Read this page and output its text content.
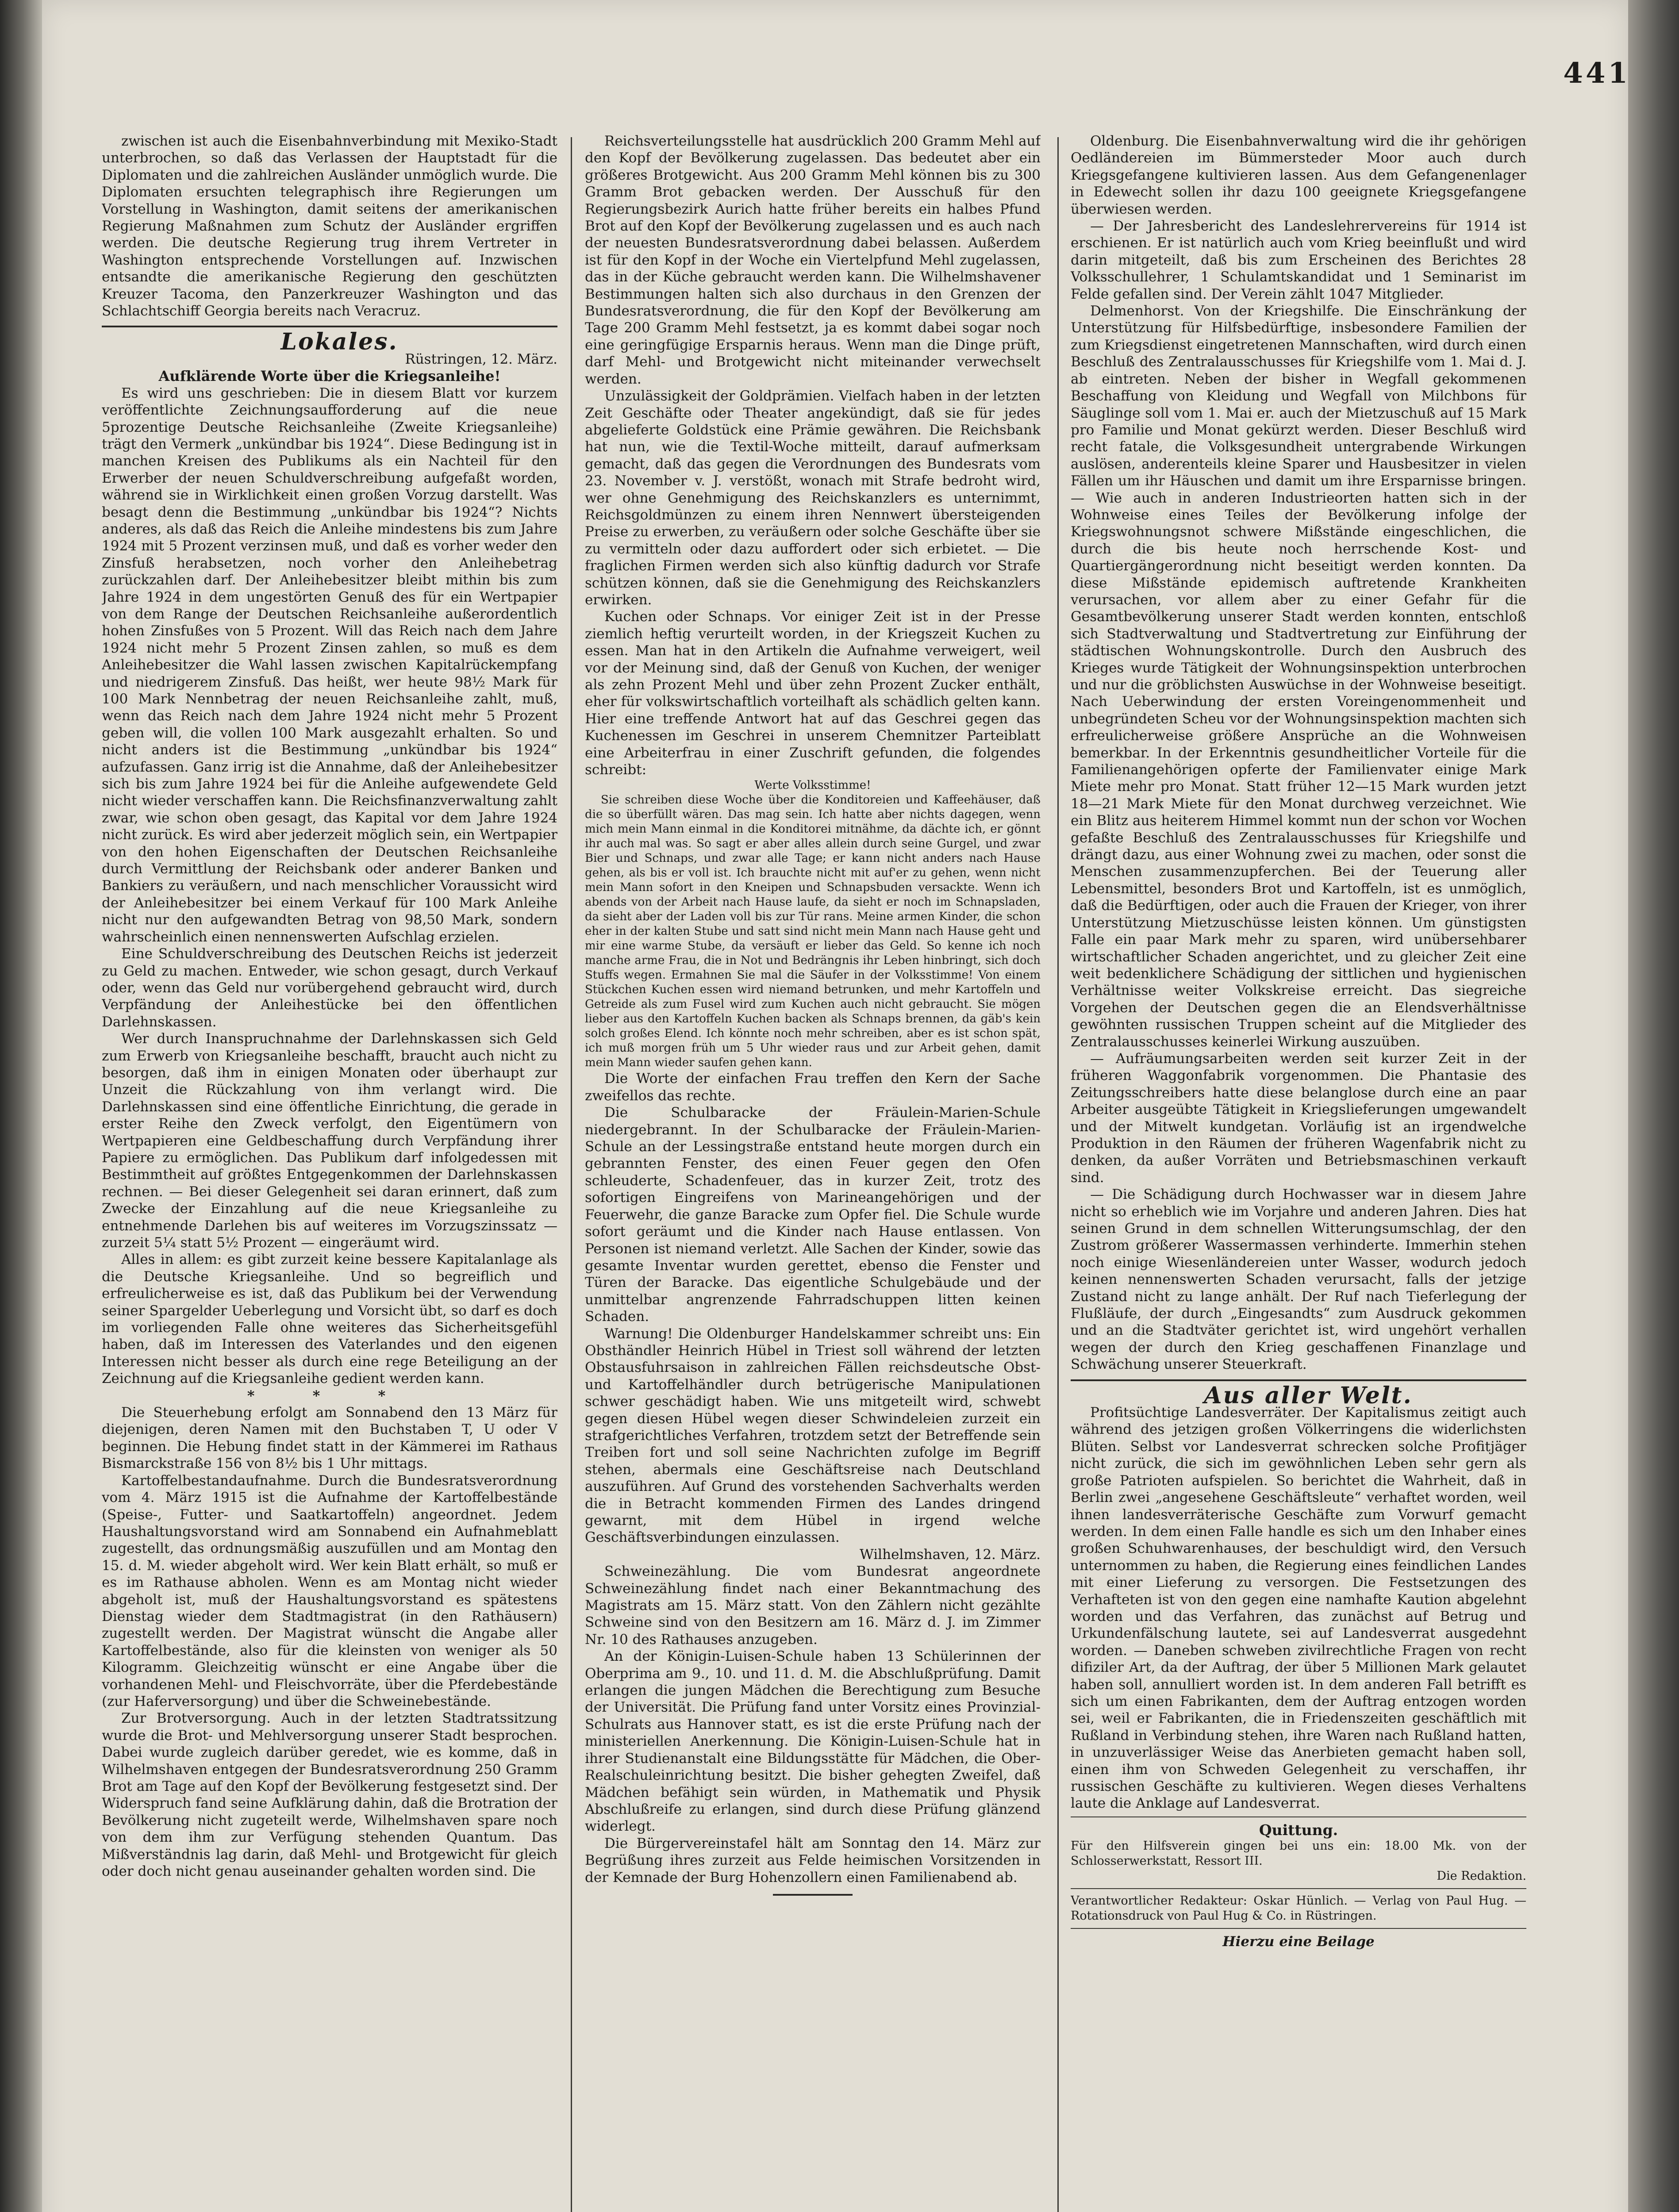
441

zwischen ist auch die Eisenbahnverbindung mit Mexiko-Stadt unterbrochen, so daß das Verlassen der Hauptstadt für die Diplomaten und die zahlreichen Ausländer unmöglich wurde. Die Diplomaten ersuchten telegraphisch ihre Regierungen um Vorstellung in Washington, damit seitens der amerikanischen Regierung Maßnahmen zum Schutz der Ausländer ergriffen werden. Die deutsche Regierung trug ihrem Vertreter in Washington entsprechende Vorstellungen auf. Inzwischen entsandte die amerikanische Regierung den geschützten Kreuzer Tacoma, den Panzerkreuzer Washington und das Schlachtschiff Georgia bereits nach Veracruz.

Lokales.

Rüstringen, 12. März.

Aufklärende Worte über die Kriegsanleihe!

Es wird uns geschrieben: Die in diesem Blatt vor kurzem veröffentlichte Zeichnungsaufforderung auf die neue 5prozentige Deutsche Reichsanleihe (Zweite Kriegsanleihe) trägt den Vermerk „unkündbar bis 1924“. Diese Bedingung ist in manchen Kreisen des Publikums als ein Nachteil für den Erwerber der neuen Schuldverschreibung aufgefaßt worden, während sie in Wirklichkeit einen großen Vorzug darstellt. Was besagt denn die Bestimmung „unkündbar bis 1924“? Nichts anderes, als daß das Reich die Anleihe mindestens bis zum Jahre 1924 mit 5 Prozent verzinsen muß, und daß es vorher weder den Zinsfuß herabsetzen, noch vorher den Anleihebetrag zurückzahlen darf. Der Anleihebesitzer bleibt mithin bis zum Jahre 1924 in dem ungestörten Genuß des für ein Wertpapier von dem Range der Deutschen Reichsanleihe außerordentlich hohen Zinsfußes von 5 Prozent. Will das Reich nach dem Jahre 1924 nicht mehr 5 Prozent Zinsen zahlen, so muß es dem Anleihebesitzer die Wahl lassen zwischen Kapitalrückempfang und niedrigerem Zinsfuß. Das heißt, wer heute 98½ Mark für 100 Mark Nennbetrag der neuen Reichsanleihe zahlt, muß, wenn das Reich nach dem Jahre 1924 nicht mehr 5 Prozent geben will, die vollen 100 Mark ausgezahlt erhalten. So und nicht anders ist die Bestimmung „unkündbar bis 1924“ aufzufassen. Ganz irrig ist die Annahme, daß der Anleihebesitzer sich bis zum Jahre 1924 bei für die Anleihe aufgewendete Geld nicht wieder verschaffen kann. Die Reichsfinanzverwaltung zahlt zwar, wie schon oben gesagt, das Kapital vor dem Jahre 1924 nicht zurück. Es wird aber jederzeit möglich sein, ein Wertpapier von den hohen Eigenschaften der Deutschen Reichsanleihe durch Vermittlung der Reichsbank oder anderer Banken und Bankiers zu veräußern, und nach menschlicher Voraussicht wird der Anleihebesitzer bei einem Verkauf für 100 Mark Anleihe nicht nur den aufgewandten Betrag von 98,50 Mark, sondern wahrscheinlich einen nennenswerten Aufschlag erzielen.

Eine Schuldverschreibung des Deutschen Reichs ist jederzeit zu Geld zu machen. Entweder, wie schon gesagt, durch Verkauf oder, wenn das Geld nur vorübergehend gebraucht wird, durch Verpfändung der Anleihestücke bei den öffentlichen Darlehnskassen.

Wer durch Inanspruchnahme der Darlehnskassen sich Geld zum Erwerb von Kriegsanleihe beschafft, braucht auch nicht zu besorgen, daß ihm in einigen Monaten oder überhaupt zur Unzeit die Rückzahlung von ihm verlangt wird. Die Darlehnskassen sind eine öffentliche Einrichtung, die gerade in erster Reihe den Zweck verfolgt, den Eigentümern von Wertpapieren eine Geldbeschaffung durch Verpfändung ihrer Papiere zu ermöglichen. Das Publikum darf infolgedessen mit Bestimmtheit auf größtes Entgegenkommen der Darlehnskassen rechnen. — Bei dieser Gelegenheit sei daran erinnert, daß zum Zwecke der Einzahlung auf die neue Kriegsanleihe zu entnehmende Darlehen bis auf weiteres im Vorzugszinssatz — zurzeit 5¼ statt 5½ Prozent — eingeräumt wird.

Alles in allem: es gibt zurzeit keine bessere Kapitalanlage als die Deutsche Kriegsanleihe. Und so begreiflich und erfreulicherweise es ist, daß das Publikum bei der Verwendung seiner Spargelder Ueberlegung und Vorsicht übt, so darf es doch im vorliegenden Falle ohne weiteres das Sicherheitsgefühl haben, daß im Interessen des Vaterlandes und den eigenen Interessen nicht besser als durch eine rege Beteiligung an der Zeichnung auf die Kriegsanleihe gedient werden kann.

* * *

Die Steuerhebung erfolgt am Sonnabend den 13 März für diejenigen, deren Namen mit den Buchstaben T, U oder V beginnen. Die Hebung findet statt in der Kämmerei im Rathaus Bismarckstraße 156 von 8½ bis 1 Uhr mittags.

Kartoffelbestandaufnahme. Durch die Bundesratsverordnung vom 4. März 1915 ist die Aufnahme der Kartoffelbestände (Speise-, Futter- und Saatkartoffeln) angeordnet. Jedem Haushaltungsvorstand wird am Sonnabend ein Aufnahmeblatt zugestellt, das ordnungsmäßig auszufüllen und am Montag den 15. d. M. wieder abgeholt wird. Wer kein Blatt erhält, so muß er es im Rathause abholen. Wenn es am Montag nicht wieder abgeholt ist, muß der Haushaltungsvorstand es spätestens Dienstag wieder dem Stadtmagistrat (in den Rathäusern) zugestellt werden. Der Magistrat wünscht die Angabe aller Kartoffelbestände, also für die kleinsten von weniger als 50 Kilogramm. Gleichzeitig wünscht er eine Angabe über die vorhandenen Mehl- und Fleischvorräte, über die Pferdebestände (zur Haferversorgung) und über die Schweinebestände.

Zur Brotversorgung. Auch in der letzten Stadtratssitzung wurde die Brot- und Mehlversorgung unserer Stadt besprochen. Dabei wurde zugleich darüber geredet, wie es komme, daß in Wilhelmshaven entgegen der Bundesratsverordnung 250 Gramm Brot am Tage auf den Kopf der Bevölkerung festgesetzt sind. Der Widerspruch fand seine Aufklärung dahin, daß die Brotration der Bevölkerung nicht zugeteilt werde, Wilhelmshaven spare noch von dem ihm zur Verfügung stehenden Quantum. Das Mißverständnis lag darin, daß Mehl- und Brotgewicht für gleich oder doch nicht genau auseinander gehalten worden sind. Die

Reichsverteilungsstelle hat ausdrücklich 200 Gramm Mehl auf den Kopf der Bevölkerung zugelassen. Das bedeutet aber ein größeres Brotgewicht. Aus 200 Gramm Mehl können bis zu 300 Gramm Brot gebacken werden. Der Ausschuß für den Regierungsbezirk Aurich hatte früher bereits ein halbes Pfund Brot auf den Kopf der Bevölkerung zugelassen und es auch nach der neuesten Bundesratsverordnung dabei belassen. Außerdem ist für den Kopf in der Woche ein Viertelpfund Mehl zugelassen, das in der Küche gebraucht werden kann. Die Wilhelmshavener Bestimmungen halten sich also durchaus in den Grenzen der Bundesratsverordnung, die für den Kopf der Bevölkerung am Tage 200 Gramm Mehl festsetzt, ja es kommt dabei sogar noch eine geringfügige Ersparnis heraus. Wenn man die Dinge prüft, darf Mehl- und Brotgewicht nicht miteinander verwechselt werden.

Unzulässigkeit der Goldprämien. Vielfach haben in der letzten Zeit Geschäfte oder Theater angekündigt, daß sie für jedes abgelieferte Goldstück eine Prämie gewähren. Die Reichsbank hat nun, wie die Textil-Woche mitteilt, darauf aufmerksam gemacht, daß das gegen die Verordnungen des Bundesrats vom 23. November v. J. verstößt, wonach mit Strafe bedroht wird, wer ohne Genehmigung des Reichskanzlers es unternimmt, Reichsgoldmünzen zu einem ihren Nennwert übersteigenden Preise zu erwerben, zu veräußern oder solche Geschäfte über sie zu vermitteln oder dazu auffordert oder sich erbietet. — Die fraglichen Firmen werden sich also künftig dadurch vor Strafe schützen können, daß sie die Genehmigung des Reichskanzlers erwirken.

Kuchen oder Schnaps. Vor einiger Zeit ist in der Presse ziemlich heftig verurteilt worden, in der Kriegszeit Kuchen zu essen. Man hat in den Artikeln die Aufnahme verweigert, weil vor der Meinung sind, daß der Genuß von Kuchen, der weniger als zehn Prozent Mehl und über zehn Prozent Zucker enthält, eher für volkswirtschaftlich vorteilhaft als schädlich gelten kann. Hier eine treffende Antwort hat auf das Geschrei gegen das Kuchenessen im Geschrei in unserem Chemnitzer Parteiblatt eine Arbeiterfrau in einer Zuschrift gefunden, die folgendes schreibt:

Werte Volksstimme!

Sie schreiben diese Woche über die Konditoreien und Kaffeehäuser, daß die so überfüllt wären. Das mag sein. Ich hatte aber nichts dagegen, wenn mich mein Mann einmal in die Konditorei mitnähme, da dächte ich, er gönnt ihr auch mal was. So sagt er aber alles allein durch seine Gurgel, und zwar Bier und Schnaps, und zwar alle Tage; er kann nicht anders nach Hause gehen, als bis er voll ist. Ich brauchte nicht mit auf'er zu gehen, wenn nicht mein Mann sofort in den Kneipen und Schnapsbuden versackte. Wenn ich abends von der Arbeit nach Hause laufe, da sieht er noch im Schnapsladen, da sieht aber der Laden voll bis zur Tür rans. Meine armen Kinder, die schon eher in der kalten Stube und satt sind nicht mein Mann nach Hause geht und mir eine warme Stube, da versäuft er lieber das Geld. So kenne ich noch manche arme Frau, die in Not und Bedrängnis ihr Leben hinbringt, sich doch Stuffs wegen. Ermahnen Sie mal die Säufer in der Volksstimme! Von einem Stückchen Kuchen essen wird niemand betrunken, und mehr Kartoffeln und Getreide als zum Fusel wird zum Kuchen auch nicht gebraucht. Sie mögen lieber aus den Kartoffeln Kuchen backen als Schnaps brennen, da gäb's kein solch großes Elend. Ich könnte noch mehr schreiben, aber es ist schon spät, ich muß morgen früh um 5 Uhr wieder raus und zur Arbeit gehen, damit mein Mann wieder saufen gehen kann.

Die Worte der einfachen Frau treffen den Kern der Sache zweifellos das rechte.

Die Schulbaracke der Fräulein-Marien-Schule niedergebrannt. In der Schulbaracke der Fräulein-Marien-Schule an der Lessingstraße entstand heute morgen durch ein gebrannten Fenster, des einen Feuer gegen den Ofen schleuderte, Schadenfeuer, das in kurzer Zeit, trotz des sofortigen Eingreifens von Marineangehörigen und der Feuerwehr, die ganze Baracke zum Opfer fiel. Die Schule wurde sofort geräumt und die Kinder nach Hause entlassen. Von Personen ist niemand verletzt. Alle Sachen der Kinder, sowie das gesamte Inventar wurden gerettet, ebenso die Fenster und Türen der Baracke. Das eigentliche Schulgebäude und der unmittelbar angrenzende Fahrradschuppen litten keinen Schaden.

Warnung! Die Oldenburger Handelskammer schreibt uns: Ein Obsthändler Heinrich Hübel in Triest soll während der letzten Obstausfuhrsaison in zahlreichen Fällen reichsdeutsche Obst- und Kartoffelhändler durch betrügerische Manipulationen schwer geschädigt haben. Wie uns mitgeteilt wird, schwebt gegen diesen Hübel wegen dieser Schwindeleien zurzeit ein strafgerichtliches Verfahren, trotzdem setzt der Betreffende sein Treiben fort und soll seine Nachrichten zufolge im Begriff stehen, abermals eine Geschäftsreise nach Deutschland auszuführen. Auf Grund des vorstehenden Sachverhalts werden die in Betracht kommenden Firmen des Landes dringend gewarnt, mit dem Hübel in irgend welche Geschäftsverbindungen einzulassen.

Wilhelmshaven, 12. März.

Schweinezählung. Die vom Bundesrat angeordnete Schweinezählung findet nach einer Bekanntmachung des Magistrats am 15. März statt. Von den Zählern nicht gezählte Schweine sind von den Besitzern am 16. März d. J. im Zimmer Nr. 10 des Rathauses anzugeben.

An der Königin-Luisen-Schule haben 13 Schülerinnen der Oberprima am 9., 10. und 11. d. M. die Abschlußprüfung. Damit erlangen die jungen Mädchen die Berechtigung zum Besuche der Universität. Die Prüfung fand unter Vorsitz eines Provinzial-Schulrats aus Hannover statt, es ist die erste Prüfung nach der ministeriellen Anerkennung. Die Königin-Luisen-Schule hat in ihrer Studienanstalt eine Bildungsstätte für Mädchen, die Ober-Realschuleinrichtung besitzt. Die bisher gehegten Zweifel, daß Mädchen befähigt sein würden, in Mathematik und Physik Abschlußreife zu erlangen, sind durch diese Prüfung glänzend widerlegt.

Die Bürgervereinstafel hält am Sonntag den 14. März zur Begrüßung ihres zurzeit aus Felde heimischen Vorsitzenden in der Kemnade der Burg Hohenzollern einen Familienabend ab.

Oldenburg. Die Eisenbahnverwaltung wird die ihr gehörigen Oedländereien im Bümmersteder Moor auch durch Kriegsgefangene kultivieren lassen. Aus dem Gefangenenlager in Edewecht sollen ihr dazu 100 geeignete Kriegsgefangene überwiesen werden.

— Der Jahresbericht des Landeslehrervereins für 1914 ist erschienen. Er ist natürlich auch vom Krieg beeinflußt und wird darin mitgeteilt, daß bis zum Erscheinen des Berichtes 28 Volksschullehrer, 1 Schulamtskandidat und 1 Seminarist im Felde gefallen sind. Der Verein zählt 1047 Mitglieder.

Delmenhorst. Von der Kriegshilfe. Die Einschränkung der Unterstützung für Hilfsbedürftige, insbesondere Familien der zum Kriegsdienst eingetretenen Mannschaften, wird durch einen Beschluß des Zentralausschusses für Kriegshilfe vom 1. Mai d. J. ab eintreten. Neben der bisher in Wegfall gekommenen Beschaffung von Kleidung und Wegfall von Milchbons für Säuglinge soll vom 1. Mai er. auch der Mietzuschuß auf 15 Mark pro Familie und Monat gekürzt werden. Dieser Beschluß wird recht fatale, die Volksgesundheit untergrabende Wirkungen auslösen, anderenteils kleine Sparer und Hausbesitzer in vielen Fällen um ihr Häuschen und damit um ihre Ersparnisse bringen. — Wie auch in anderen Industrieorten hatten sich in der Wohnweise eines Teiles der Bevölkerung infolge der Kriegswohnungsnot schwere Mißstände eingeschlichen, die durch die bis heute noch herrschende Kost- und Quartiergängerordnung nicht beseitigt werden konnten. Da diese Mißstände epidemisch auftretende Krankheiten verursachen, vor allem aber zu einer Gefahr für die Gesamtbevölkerung unserer Stadt werden konnten, entschloß sich Stadtverwaltung und Stadtvertretung zur Einführung der städtischen Wohnungskontrolle. Durch den Ausbruch des Krieges wurde Tätigkeit der Wohnungsinspektion unterbrochen und nur die gröblichsten Auswüchse in der Wohnweise beseitigt. Nach Ueberwindung der ersten Voreingenommenheit und unbegründeten Scheu vor der Wohnungsinspektion machten sich erfreulicherweise größere Ansprüche an die Wohnweisen bemerkbar. In der Erkenntnis gesundheitlicher Vorteile für die Familienangehörigen opferte der Familienvater einige Mark Miete mehr pro Monat. Statt früher 12—15 Mark wurden jetzt 18—21 Mark Miete für den Monat durchweg verzeichnet. Wie ein Blitz aus heiterem Himmel kommt nun der schon vor Wochen gefaßte Beschluß des Zentralausschusses für Kriegshilfe und drängt dazu, aus einer Wohnung zwei zu machen, oder sonst die Menschen zusammenzupferchen. Bei der Teuerung aller Lebensmittel, besonders Brot und Kartoffeln, ist es unmöglich, daß die Bedürftigen, oder auch die Frauen der Krieger, von ihrer Unterstützung Mietzuschüsse leisten können. Um günstigsten Falle ein paar Mark mehr zu sparen, wird unübersehbarer wirtschaftlicher Schaden angerichtet, und zu gleicher Zeit eine weit bedenklichere Schädigung der sittlichen und hygienischen Verhältnisse weiter Volkskreise erreicht. Das siegreiche Vorgehen der Deutschen gegen die an Elendsverhältnisse gewöhnten russischen Truppen scheint auf die Mitglieder des Zentralausschusses keinerlei Wirkung auszuüben.

— Aufräumungsarbeiten werden seit kurzer Zeit in der früheren Waggonfabrik vorgenommen. Die Phantasie des Zeitungsschreibers hatte diese belanglose durch eine an paar Arbeiter ausgeübte Tätigkeit in Kriegslieferungen umgewandelt und der Mitwelt kundgetan. Vorläufig ist an irgendwelche Produktion in den Räumen der früheren Wagenfabrik nicht zu denken, da außer Vorräten und Betriebsmaschinen verkauft sind.

— Die Schädigung durch Hochwasser war in diesem Jahre nicht so erheblich wie im Vorjahre und anderen Jahren. Dies hat seinen Grund in dem schnellen Witterungsumschlag, der den Zustrom größerer Wassermassen verhinderte. Immerhin stehen noch einige Wiesenländereien unter Wasser, wodurch jedoch keinen nennenswerten Schaden verursacht, falls der jetzige Zustand nicht zu lange anhält. Der Ruf nach Tieferlegung der Flußläufe, der durch „Eingesandts“ zum Ausdruck gekommen und an die Stadtväter gerichtet ist, wird ungehört verhallen wegen der durch den Krieg geschaffenen Finanzlage und Schwächung unserer Steuerkraft.

Aus aller Welt.

Profitsüchtige Landesverräter. Der Kapitalismus zeitigt auch während des jetzigen großen Völkerringens die widerlichsten Blüten. Selbst vor Landesverrat schrecken solche Profitjäger nicht zurück, die sich im gewöhnlichen Leben sehr gern als große Patrioten aufspielen. So berichtet die Wahrheit, daß in Berlin zwei „angesehene Geschäftsleute“ verhaftet worden, weil ihnen landesverräterische Geschäfte zum Vorwurf gemacht werden. In dem einen Falle handle es sich um den Inhaber eines großen Schuhwarenhauses, der beschuldigt wird, den Versuch unternommen zu haben, die Regierung eines feindlichen Landes mit einer Lieferung zu versorgen. Die Festsetzungen des Verhafteten ist von den gegen eine namhafte Kaution abgelehnt worden und das Verfahren, das zunächst auf Betrug und Urkundenfälschung lautete, sei auf Landesverrat ausgedehnt worden. — Daneben schweben zivilrechtliche Fragen von recht difiziler Art, da der Auftrag, der über 5 Millionen Mark gelautet haben soll, annulliert worden ist. In dem anderen Fall betrifft es sich um einen Fabrikanten, dem der Auftrag entzogen worden sei, weil er Fabrikanten, die in Friedenszeiten geschäftlich mit Rußland in Verbindung stehen, ihre Waren nach Rußland hatten, in unzuverlässiger Weise das Anerbieten gemacht haben soll, einen ihm von Schweden Gelegenheit zu verschaffen, ihr russischen Geschäfte zu kultivieren. Wegen dieses Verhaltens laute die Anklage auf Landesverrat.

Quittung.

Für den Hilfsverein gingen bei uns ein: 18.00 Mk. von der Schlosserwerkstatt, Ressort III.

Die Redaktion.

Verantwortlicher Redakteur: Oskar Hünlich. — Verlag von Paul Hug. — Rotationsdruck von Paul Hug & Co. in Rüstringen.

Hierzu eine Beilage
